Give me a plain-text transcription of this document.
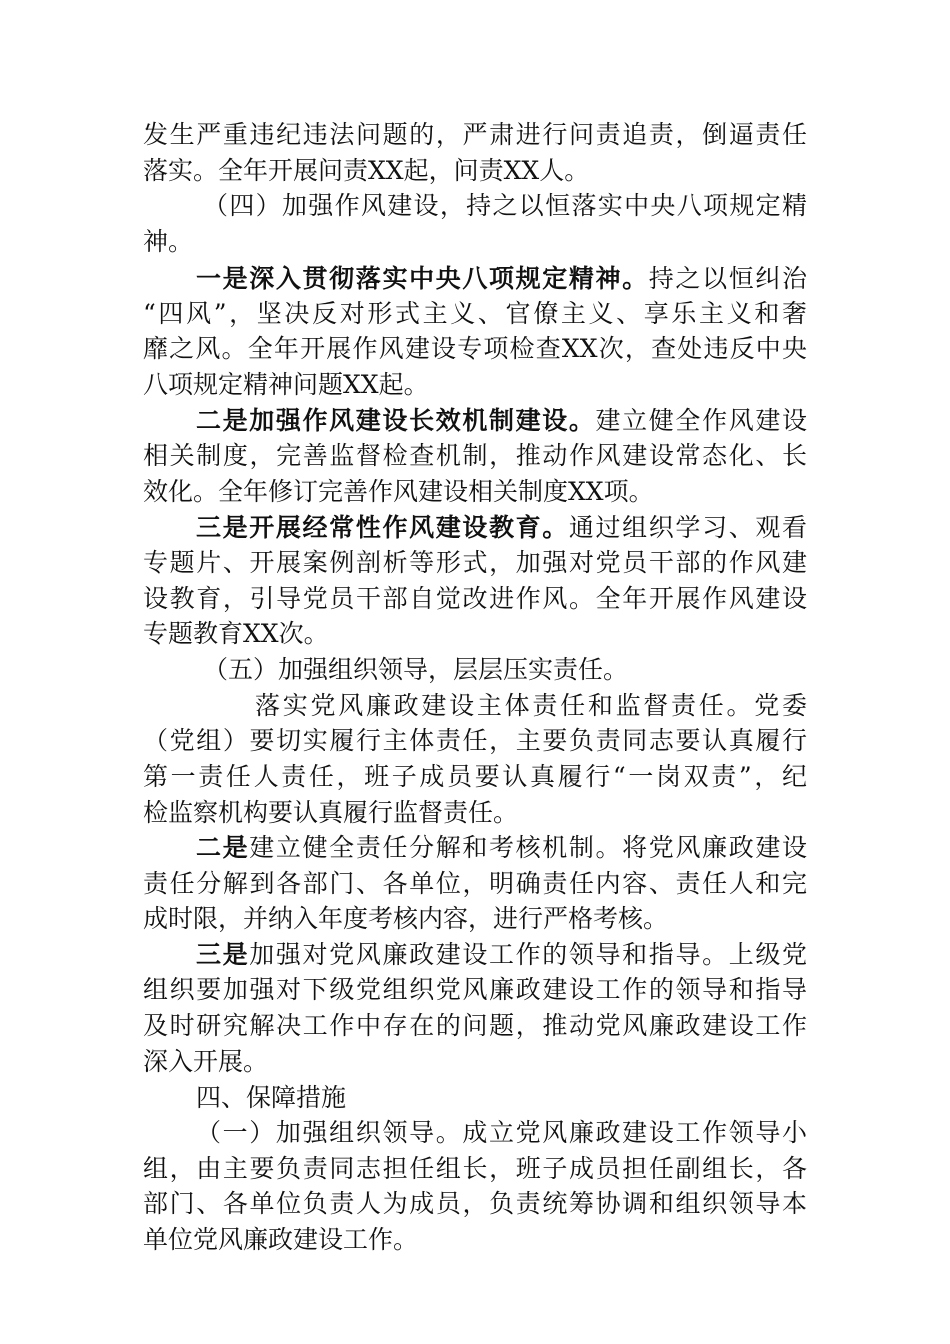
发生严重违纪违法问题的，严肃进行问责追责，倒逼责任
落实。全年开展问责XX起，问责XX人。
（四）加强作风建设，持之以恒落实中央八项规定精
神。
一是深入贯彻落实中央八项规定精神。持之以恒纠治
“四风”，坚决反对形式主义、官僚主义、享乐主义和奢
靡之风。全年开展作风建设专项检查XX次，查处违反中央
八项规定精神问题XX起。
二是加强作风建设长效机制建设。建立健全作风建设
相关制度，完善监督检查机制，推动作风建设常态化、长
效化。全年修订完善作风建设相关制度XX项。
三是开展经常性作风建设教育。通过组织学习、观看
专题片、开展案例剖析等形式，加强对党员干部的作风建
设教育，引导党员干部自觉改进作风。全年开展作风建设
专题教育XX次。
（五）加强组织领导，层层压实责任。
落实党风廉政建设主体责任和监督责任。党委
（党组）要切实履行主体责任，主要负责同志要认真履行
第一责任人责任，班子成员要认真履行“一岗双责”，纪
检监察机构要认真履行监督责任。
二是建立健全责任分解和考核机制。将党风廉政建设
责任分解到各部门、各单位，明确责任内容、责任人和完
成时限，并纳入年度考核内容，进行严格考核。
三是加强对党风廉政建设工作的领导和指导。上级党
组织要加强对下级党组织党风廉政建设工作的领导和指导
及时研究解决工作中存在的问题，推动党风廉政建设工作
深入开展。
四、保障措施
（一）加强组织领导。成立党风廉政建设工作领导小
组，由主要负责同志担任组长，班子成员担任副组长，各
部门、各单位负责人为成员，负责统筹协调和组织领导本
单位党风廉政建设工作。
